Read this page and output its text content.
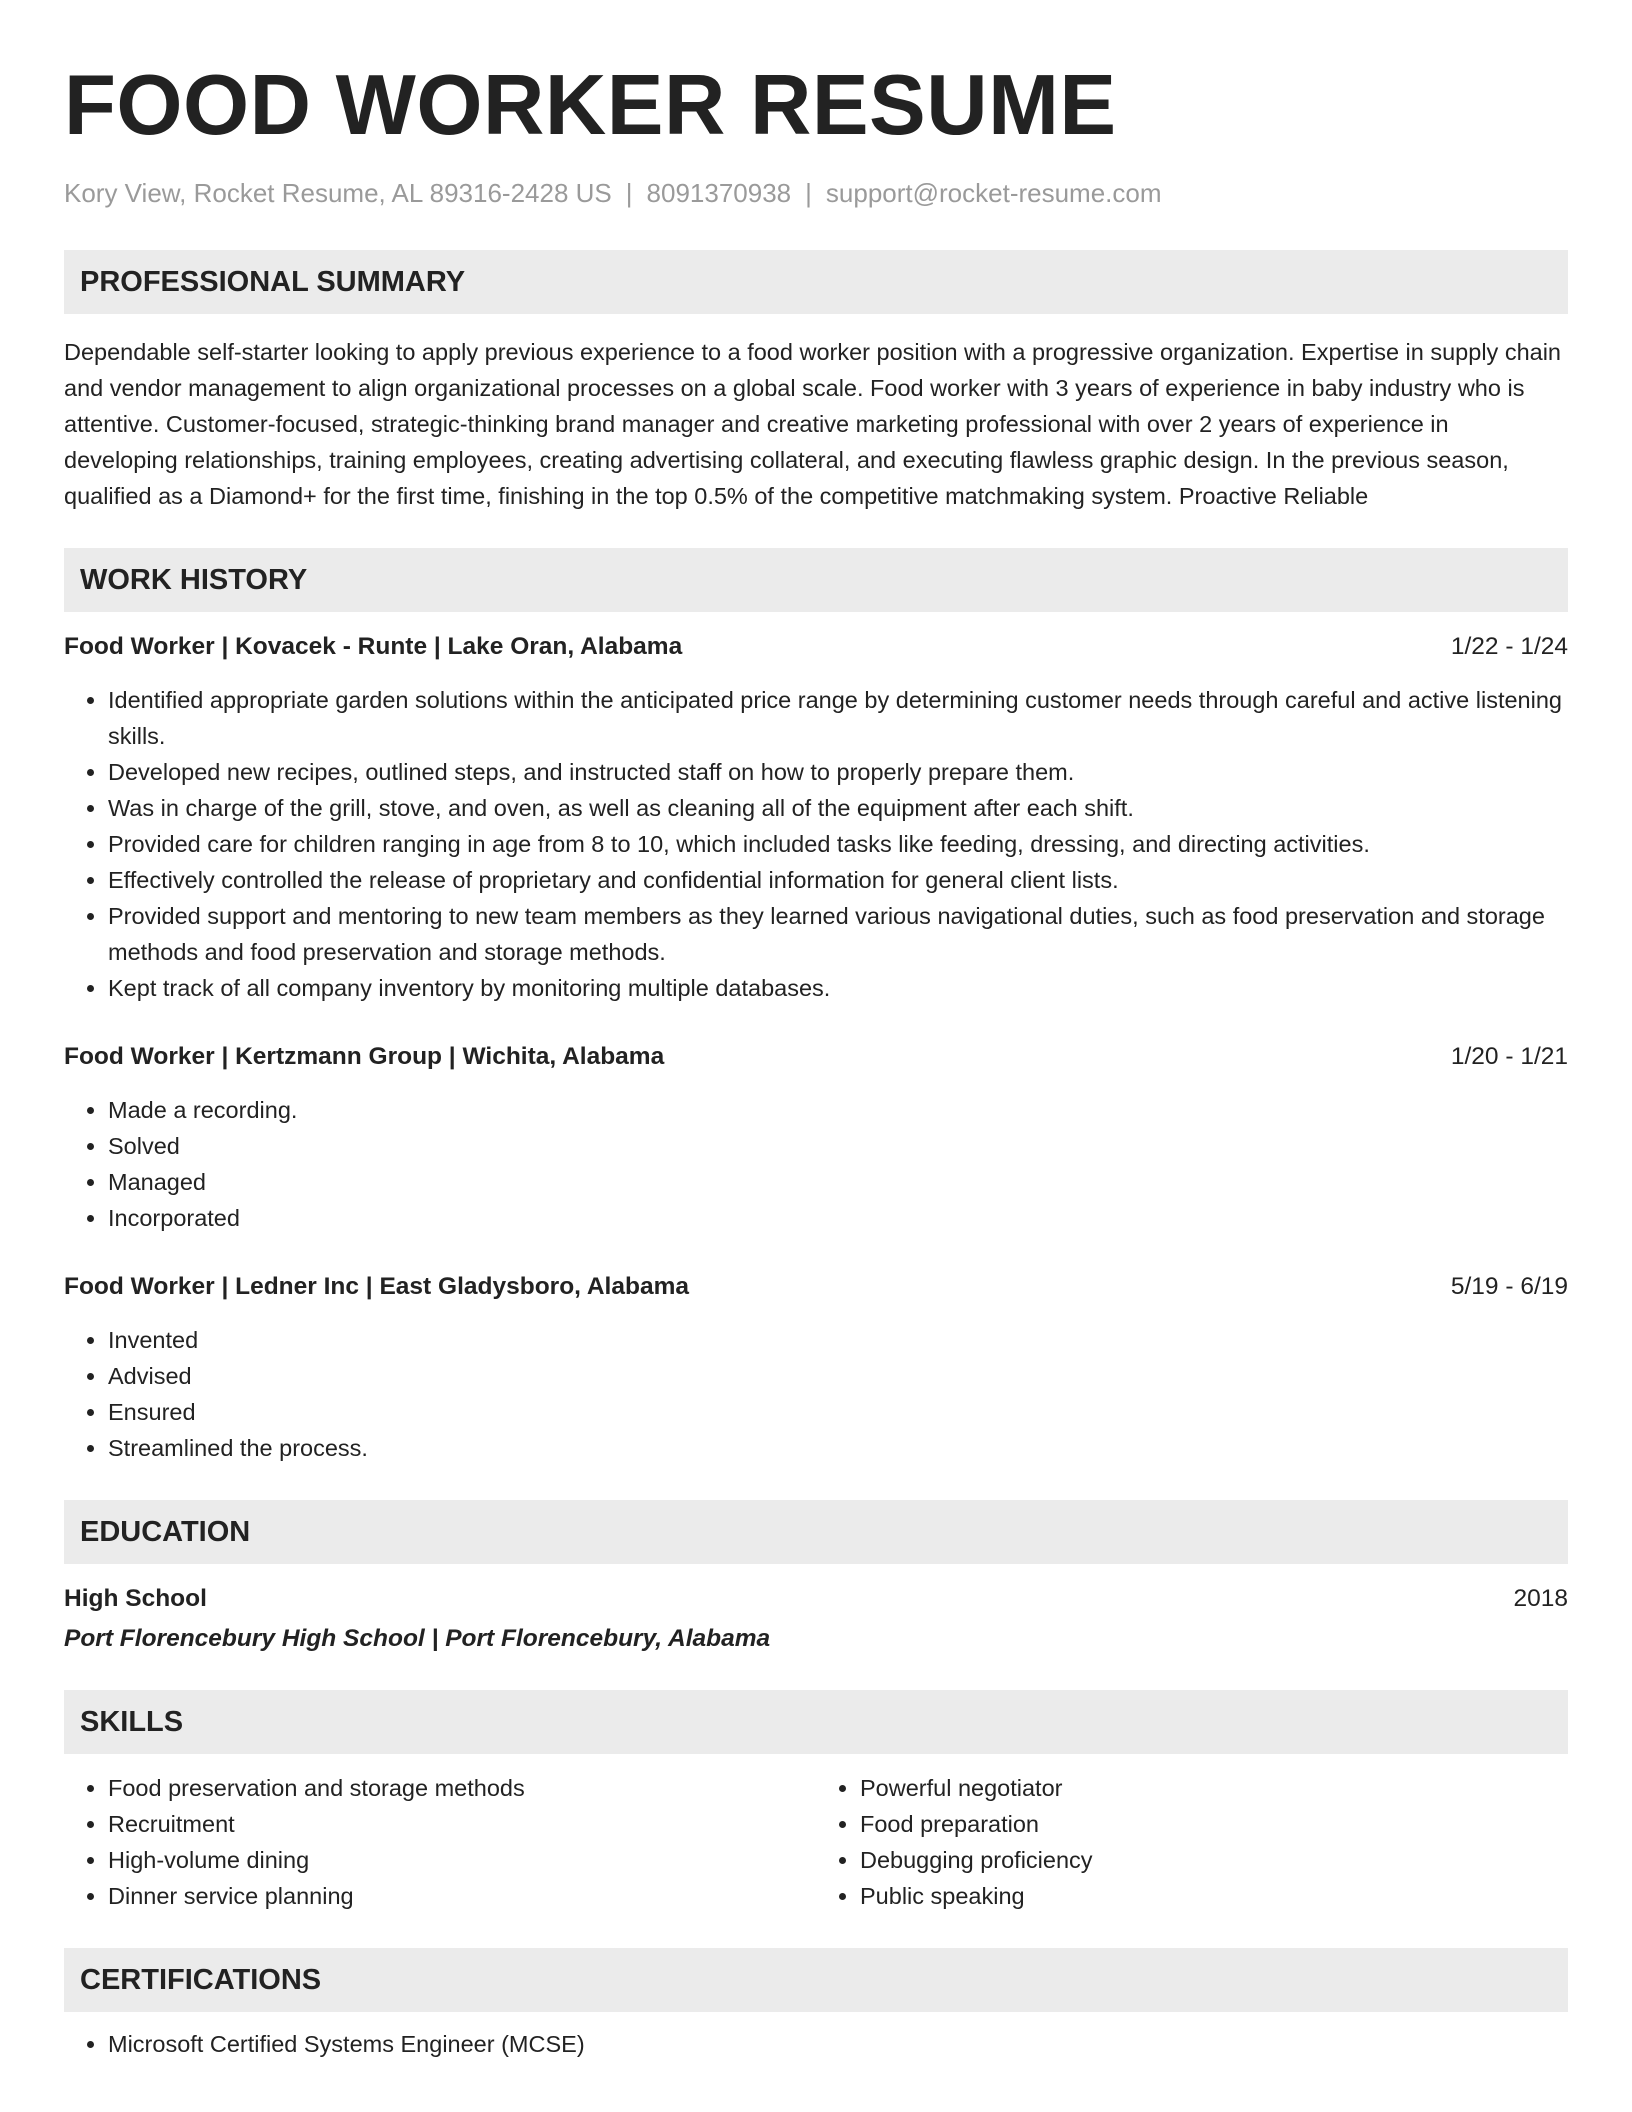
FOOD WORKER RESUME
Kory View, Rocket Resume, AL 89316-2428 US | 8091370938 | support@rocket-resume.com
PROFESSIONAL SUMMARY

Dependable self-starter looking to apply previous experience to a food worker position with a progressive organization. Expertise in supply chain and vendor management to align organizational processes on a global scale. Food worker with 3 years of experience in baby industry who is attentive. Customer-focused, strategic-thinking brand manager and creative marketing professional with over 2 years of experience in developing relationships, training employees, creating advertising collateral, and executing flawless graphic design. In the previous season, qualified as a Diamond+ for the first time, finishing in the top 0.5% of the competitive matchmaking system. Proactive Reliable

WORK HISTORY
Food Worker | Kovacek - Runte | Lake Oran, Alabama	1/22 - 1/24
• Identified appropriate garden solutions within the anticipated price range by determining customer needs through careful and active listening skills.
• Developed new recipes, outlined steps, and instructed staff on how to properly prepare them.
• Was in charge of the grill, stove, and oven, as well as cleaning all of the equipment after each shift.
• Provided care for children ranging in age from 8 to 10, which included tasks like feeding, dressing, and directing activities.
• Effectively controlled the release of proprietary and confidential information for general client lists.
• Provided support and mentoring to new team members as they learned various navigational duties, such as food preservation and storage methods and food preservation and storage methods.
• Kept track of all company inventory by monitoring multiple databases.
Food Worker | Kertzmann Group | Wichita, Alabama	1/20 - 1/21
• Made a recording.
• Solved
• Managed
• Incorporated
Food Worker | Ledner Inc | East Gladysboro, Alabama	5/19 - 6/19
• Invented
• Advised
• Ensured
• Streamlined the process.
EDUCATION
High School	2018
Port Florencebury High School | Port Florencebury, Alabama
SKILLS
• Food preservation and storage methods
• Recruitment
• High-volume dining
• Dinner service planning
• Powerful negotiator
• Food preparation
• Debugging proficiency
• Public speaking
CERTIFICATIONS
• Microsoft Certified Systems Engineer (MCSE)
